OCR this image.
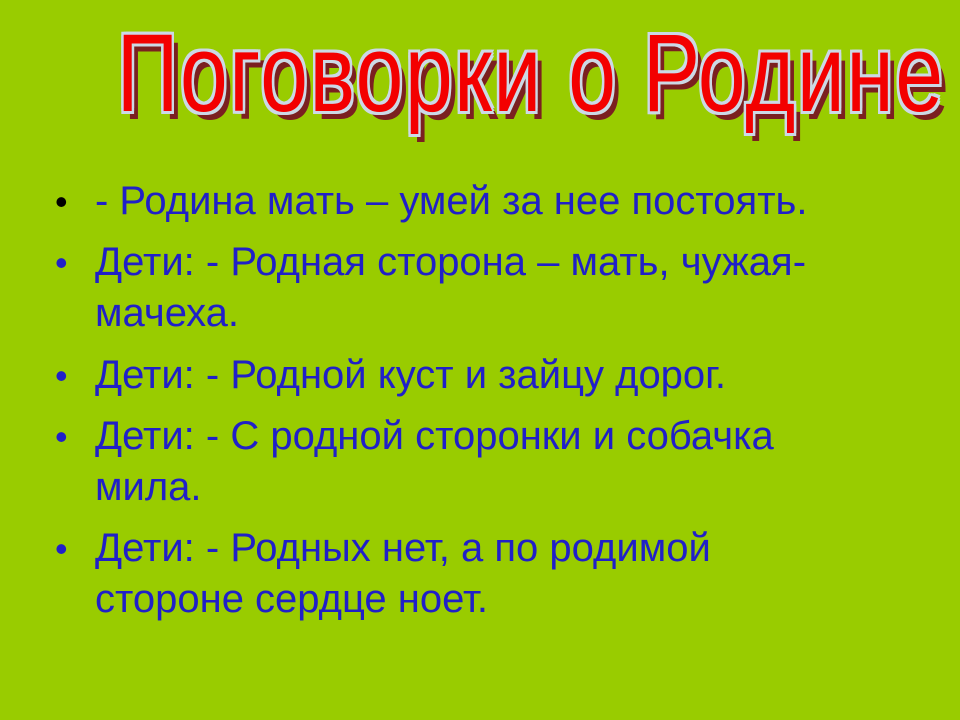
Поговорки о Родине
• - Родина мать – умей за нее постоять.
• Дети: - Родная сторона – мать, чужая-
мачеха.
• Дети: - Родной куст и зайцу дорог.
• Дети: - С родной сторонки и собачка
мила.
• Дети: - Родных нет, а по родимой
стороне сердце ноет.
